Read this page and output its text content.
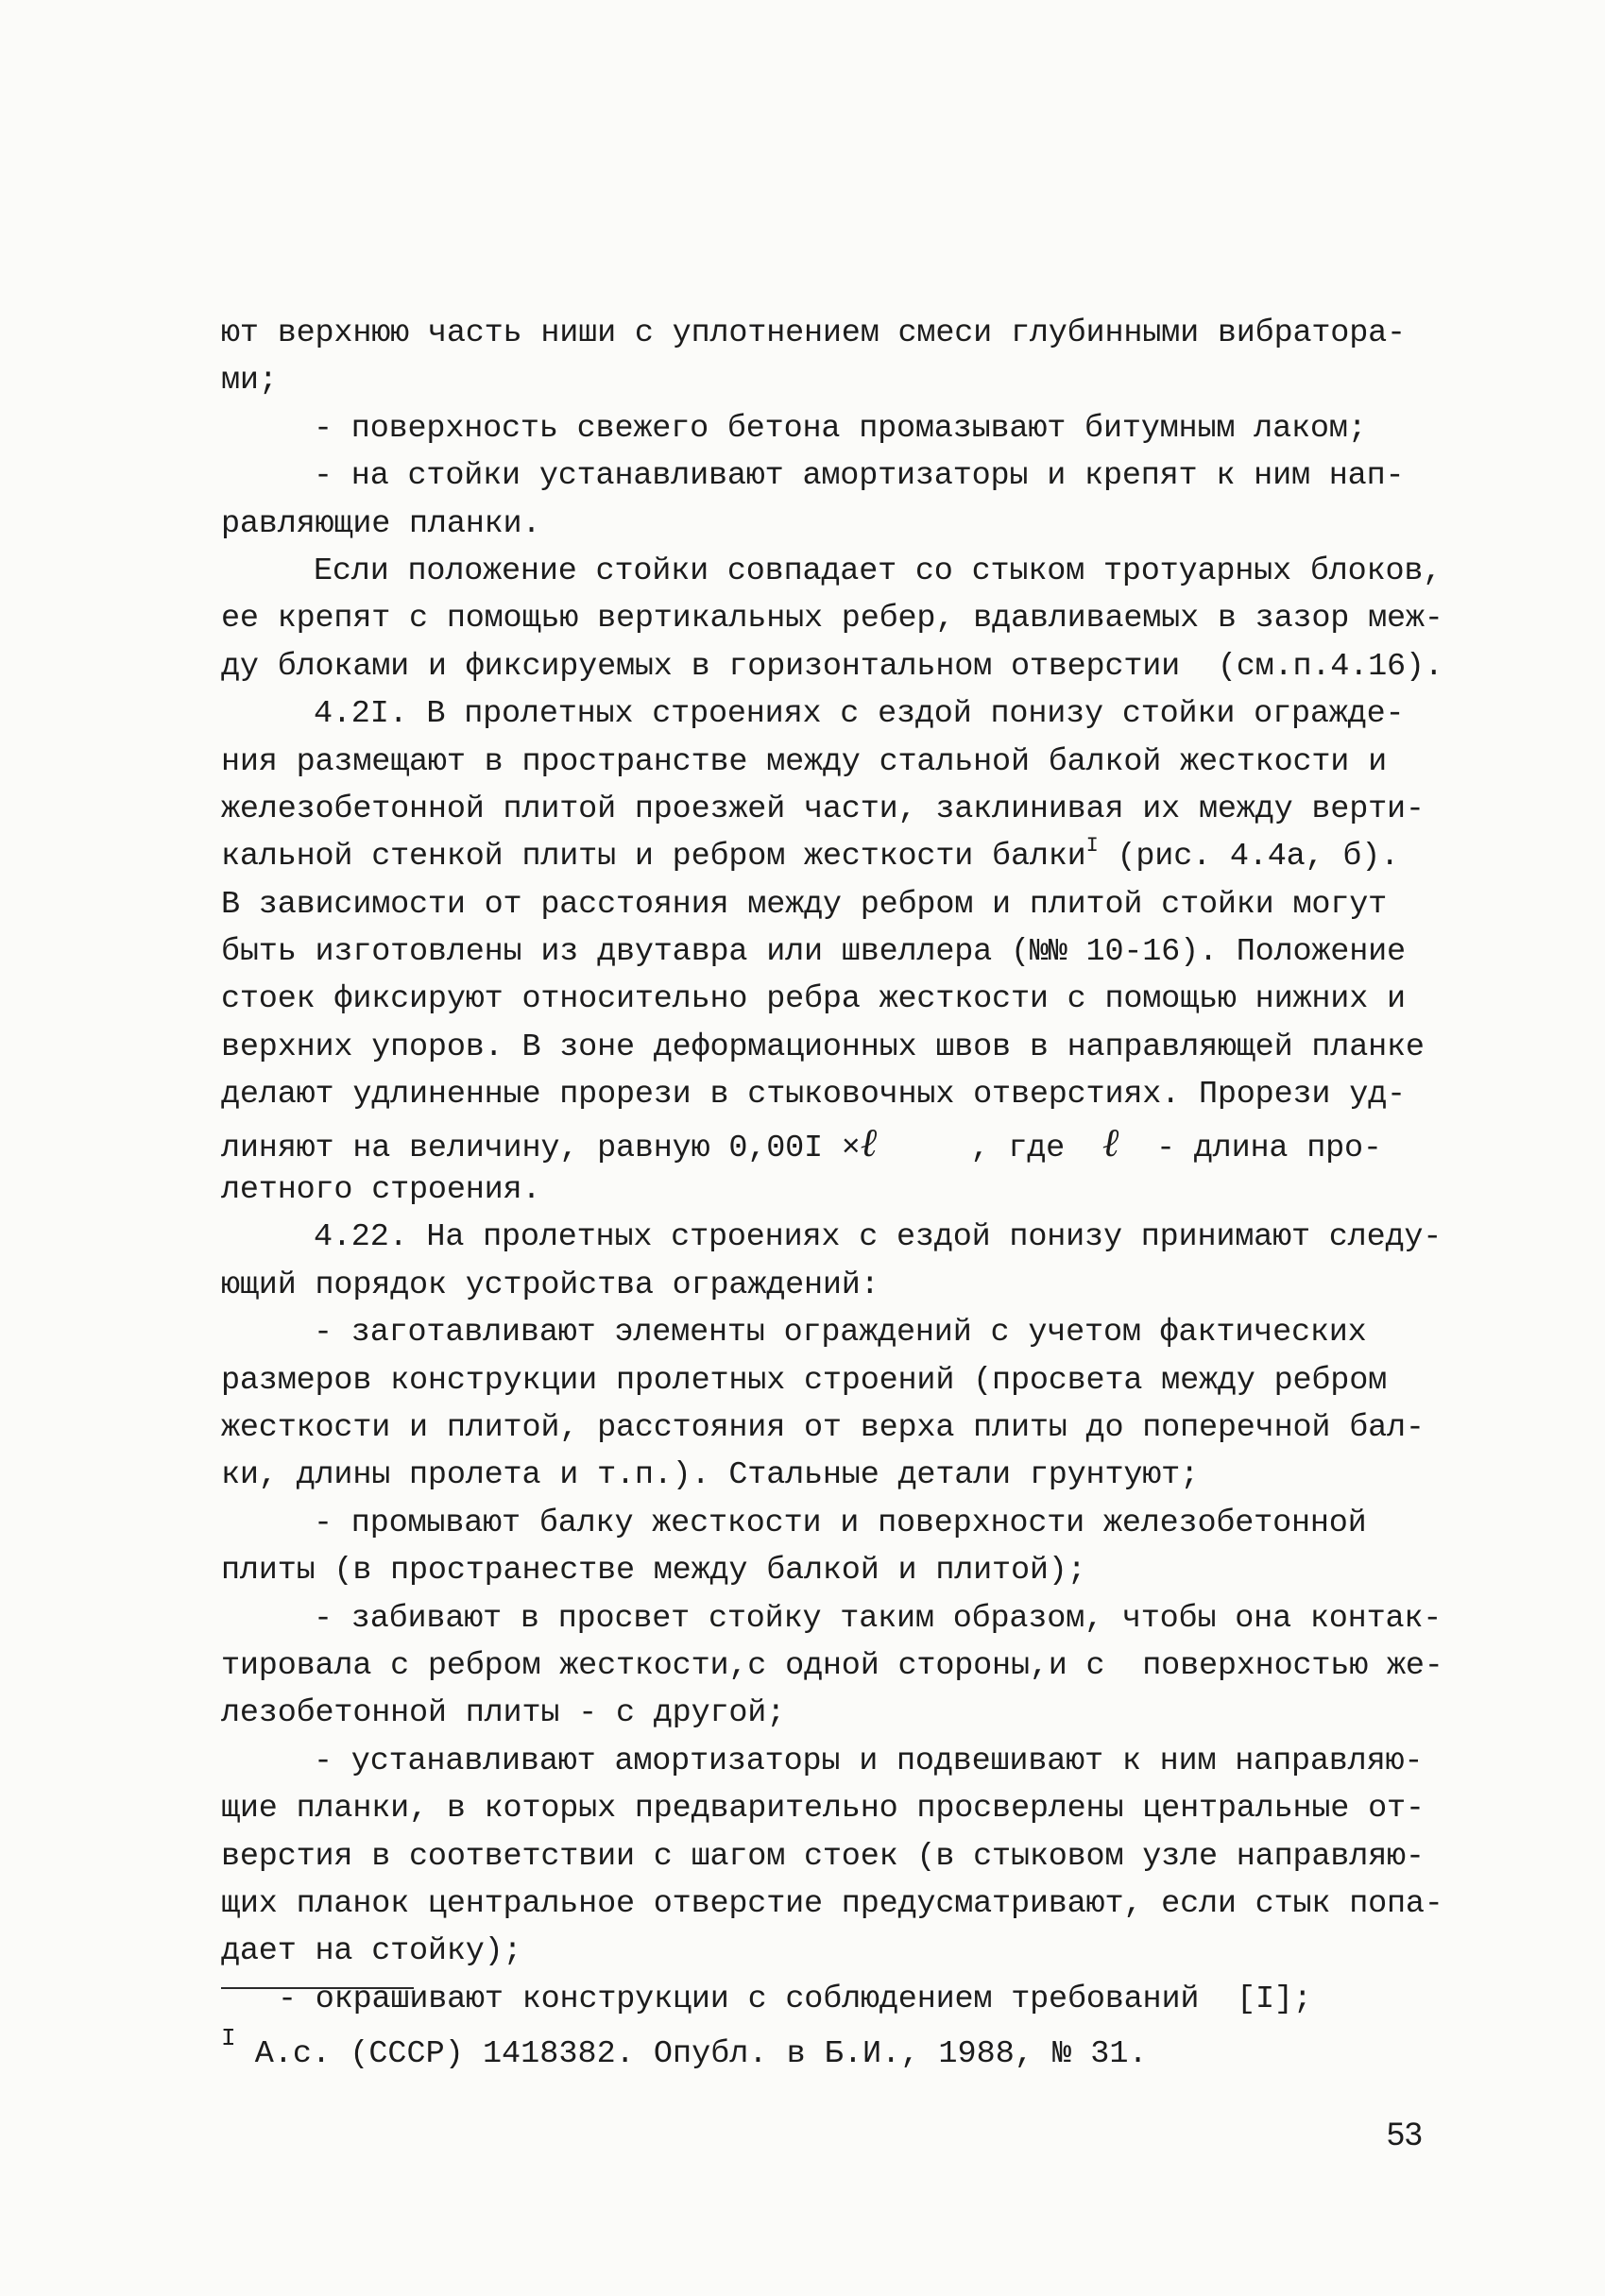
ют верхнюю часть ниши с уплотнением смеси глубинными вибратора-
ми;
- поверхность свежего бетона промазывают битумным лаком;
- на стойки устанавливают амортизаторы и крепят к ним нап-
равляющие планки.
Если положение стойки совпадает со стыком тротуарных блоков,
ее крепят с помощью вертикальных ребер, вдавливаемых в зазор меж-
ду блоками и фиксируемых в горизонтальном отверстии  (см.п.4.16).
4.2I. В пролетных строениях с ездой понизу стойки огражде-
ния размещают в пространстве между стальной балкой жесткости и
железобетонной плитой проезжей части, заклинивая их между верти-
кальной стенкой плиты и ребром жесткости балки$^I$ (рис. 4.4а, б).
В зависимости от расстояния между ребром и плитой стойки могут
быть изготовлены из двутавра или швеллера (№№ 10-16). Положение
стоек фиксируют относительно ребра жесткости с помощью нижних и
верхних упоров. В зоне деформационных швов в направляющей планке
делают удлиненные прорези в стыковочных отверстиях. Прорези уд-
линяют на величину, равную 0,00I ×ℓ     , где  ℓ  - длина про-
летного строения.
4.22. На пролетных строениях с ездой понизу принимают следу-
ющий порядок устройства ограждений:
- заготавливают элементы ограждений с учетом фактических
размеров конструкции пролетных строений (просвета между ребром
жесткости и плитой, расстояния от верха плиты до поперечной бал-
ки, длины пролета и т.п.). Стальные детали грунтуют;
- промывают балку жесткости и поверхности железобетонной
плиты (в пространестве между балкой и плитой);
- забивают в просвет стойку таким образом, чтобы она контак-
тировала с ребром жесткости,с одной стороны,и с  поверхностью же-
лезобетонной плиты - с другой;
- устанавливают амортизаторы и подвешивают к ним направляю-
щие планки, в которых предварительно просверлены центральные от-
верстия в соответствии с шагом стоек (в стыковом узле направляю-
щих планок центральное отверстие предусматривают, если стык попа-
дает на стойку);
- окрашивают конструкции с соблюдением требований  [I];
$^I$ А.с. (СССР) 1418382. Опубл. в Б.И., 1988, № 31.
53
